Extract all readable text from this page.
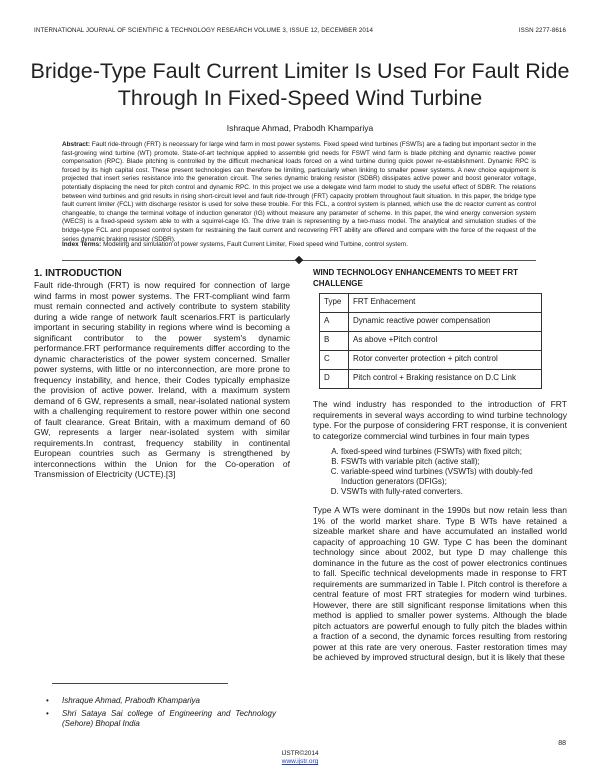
INTERNATIONAL JOURNAL OF SCIENTIFIC & TECHNOLOGY RESEARCH VOLUME 3, ISSUE 12, DECEMBER 2014	ISSN 2277-8616
Bridge-Type Fault Current Limiter Is Used For Fault Ride Through In Fixed-Speed Wind Turbine
Ishraque Ahmad, Prabodh Khampariya
Abstract: Fault ride-through (FRT) is necessary for large wind farm in most power systems. Fixed speed wind turbines (FSWTs) are a fading but important sector in the fast-growing wind turbine (WT) promote. State-of-art technique applied to assemble grid needs for FSWT wind farm is blade pitching and dynamic reactive power compensation (RPC). Blade pitching is controlled by the difficult mechanical loads forced on a wind turbine during quick power re-establishment. Dynamic RPC is forced by its high capital cost. These present technologies can therefore be limiting, particularly when linking to smaller power systems. A new choice equipment is projected that insert series resistance into the generation circuit. The series dynamic braking resistor (SDBR) dissipates active power and boost generator voltage, potentially displacing the need for pitch control and dynamic RPC. In this project we use a delegate wind farm model to study the useful effect of SDBR. The relations between wind turbines and grid results in rising short-circuit level and fault ride-through (FRT) capacity problem throughout fault situation. In this paper, the bridge type fault current limiter (FCL) with discharge resistor is used for solve these trouble. For this FCL, a control system is planned, which use the dc reactor current as control changeable, to change the terminal voltage of induction generator (IG) without measure any parameter of scheme. In this paper, the wind energy conversion system (WECS) is a fixed-speed system able to with a squirrel-cage IG. The drive train is representing by a two-mass model. The analytical and simulation studies of the bridge-type FCL and proposed control system for restraining the fault current and recovering FRT ability are offered and compare with the force of the request of the series dynamic braking resistor (SDBR).
Index Terms: Modeling and simulation of power systems, Fault Current Limiter, Fixed speed wind Turbine, control system.
1. INTRODUCTION

Fault ride-through (FRT) is now required for connection of large wind farms in most power systems. The FRT-compliant wind farm must remain connected and actively contribute to system stability during a wide range of network fault scenarios.FRT is particularly important in securing stability in regions where wind is becoming a significant contributor to the power system's dynamic performance.FRT performance requirements differ according to the dynamic characteristics of the power system concerned. Smaller power systems, with little or no interconnection, are more prone to frequency instability, and hence, their Codes typically emphasize the provision of active power. Ireland, with a maximum system demand of 6 GW, represents a small, near-isolated national system with a challenging requirement to restore power within one second of fault clearance. Great Britain, with a maximum demand of 60 GW, represents a larger near-isolated system with similar requirements.In contrast, frequency stability in continental European countries such as Germany is strengthened by interconnections within the Union for the Co-operation of Transmission of Electricity (UCTE).[3]

WIND TECHNOLOGY ENHANCEMENTS TO MEET FRT CHALLENGE

Type	FRT Enhacement
A	Dynamic reactive power compensation
B	As above +Pitch control
C	Rotor converter protection + pitch control
D	Pitch control + Braking resistance on D.C Link

The wind industry has responded to the introduction of FRT requirements in several ways according to wind turbine technology type. For the purpose of considering FRT response, it is convenient to categorize commercial wind turbines in four main types

A. fixed-speed wind turbines (FSWTs) with fixed pitch;
B. FSWTs with variable pitch (active stall);
C. variable-speed wind turbines (VSWTs) with doubly-fed Induction generators (DFIGs);
D. VSWTs with fully-rated converters.

Type A WTs were dominant in the 1990s but now retain less than 1% of the world market share. Type B WTs have retained a sizeable market share and have accumulated an installed world capacity of approaching 10 GW. Type C has been the dominant technology since about 2002, but type D may challenge this dominance in the future as the cost of power electronics continues to fall. Specific technical developments made in response to FRT requirements are summarized in Table I. Pitch control is therefore a central feature of most FRT strategies for modern wind turbines. However, there are still significant response limitations when this method is applied to smaller power systems. Although the blade pitch actuators are powerful enough to fully pitch the blades within a fraction of a second, the dynamic forces resulting from restoring power at this rate are very onerous. Faster restoration times may be achieved by improved structural design, but it is likely that these

• Ishraque Ahmad, Prabodh Khampariya
• Shri Sataya Sai college of Engineering and Technology (Sehore) Bhopal India
88
IJSTR©2014
www.ijstr.org
